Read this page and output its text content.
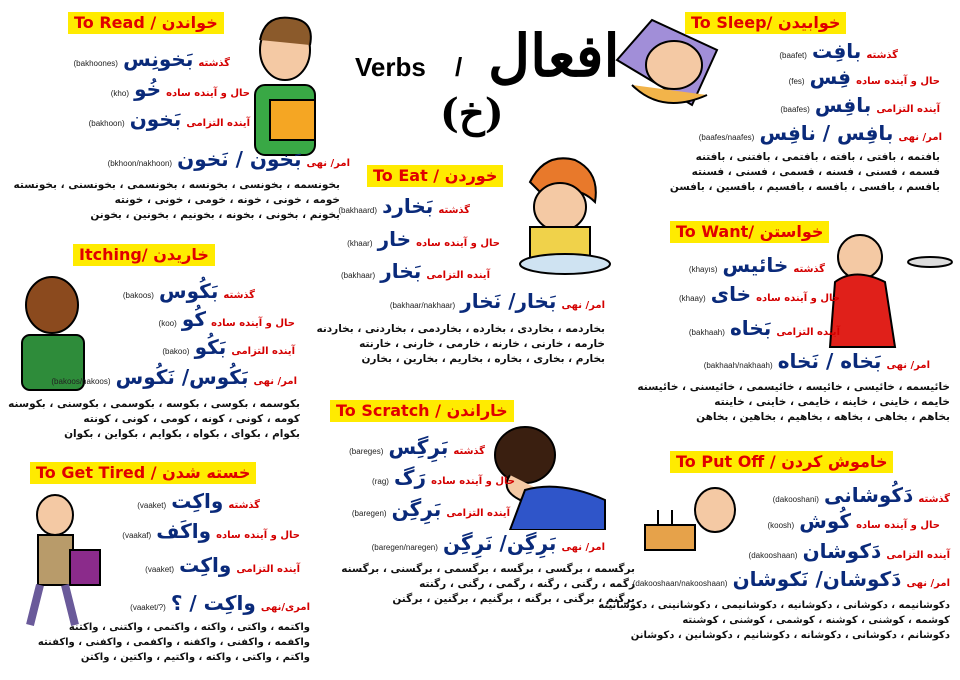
Verbs / افعال
(خ)
To Read / خواندن
(bakhoones) بَخونِس گذشته
(kho) خُو حال و آینده ساده
(bakhoon) بَخون آینده التزامی
(bkhoon/nakhoon) بَخون / نَخون امر/ نهی
بخونسمه ، بخونسی ، بخونسه ، بخونسمی ، بخونسنی ، بخونسته
خومه ، خونی ، خونه ، خومی ، خونی ، خونته
بخونم ، بخونی ، بخونه ، بخونیم ، بخونین ، بخونن
To Eat / خوردن
(bakhaard) بَخارد گذشته
(khaar) خار حال و آینده ساده
(bakhaar) بَخار آینده التزامی
(bakhaar/nakhaar) بَخار/ نَخار امر/ نهی
بخاردمه ، بخاردی ، بخارده ، بخاردمی ، بخاردنی ، بخاردنه
خارمه ، خارنی ، خارنه ، خارمی ، خارنی ، خارنته
بخارم ، بخاری ، بخاره ، بخاریم ، بخارین ، بخارن
To Sleep/ خوابیدن
(baafet) بافِت گذشته
(fes) فِس حال و آینده ساده
(baafes) بافِس آینده التزامی
(baafes/naafes) بافِس / نافِس امر/ نهی
بافتمه ، بافتی ، بافته ، بافتمی ، بافتنی ، بافتنه
فسمه ، فسنی ، فسنه ، فسمی ، فسنی ، فسنته
بافسم ، بافسی ، بافسه ، بافسیم ، بافسین ، بافسن
Itching/ خاریدن
(bakoos) بَکُوس گذشته
(koo) کُو حال و آینده ساده
(bakoo) بَکُو آینده التزامی
(bakoos/nakoos) بَکُوس/ نَکُوس امر/ نهی
بکوسمه ، بکوسی ، بکوسه ، بکوسمی ، بکوسنی ، بکوسنه
کومه ، کونی ، کونه ، کومی ، کونی ، کونته
بکوام ، بکوای ، بکواه ، بکوایم ، بکواین ، بکوان
To Want/ خواستن
(khayıs) خائیس گذشته
(khaay) خای حال و آینده ساده
(bakhaah) بَخاه آینده التزامی
(bakhaah/nakhaah) بَخاه / نَخاه امر/ نهی
خائیسمه ، خائیسی ، خائیسه ، خائیسمی ، خائیسنی ، خائیسنه
خایمه ، خاینی ، خاینه ، خایمی ، خاینی ، خاینته
بخاهم ، بخاهی ، بخاهه ، بخاهیم ، بخاهین ، بخاهن
To Scratch / خاراندن
(bareges) بَرِگِس گذشته
(rag) رَگ حال و آینده ساده
(baregen) بَرِگِن آینده التزامی
(baregen/naregen) بَرِگِن/ نَرِگِن امر/ نهی
برگسمه ، برگسی ، برگسه ، برگسمی ، برگسنی ، برگسنه
رگمه ، رگنی ، رگنه ، رگمی ، رگنی ، رگنته
برگنم ، برگنی ، برگنه ، برگنیم ، برگنین ، برگنن
To Get Tired / خسته شدن
(vaaket) واکِت گذشته
(vaakaf) واکَف حال و آینده ساده
(vaaket) واکِت آینده التزامی
(vaaket/?) واکِت / ؟ امری/نهی
واکتمه ، واکتی ، واکته ، واکتمی ، واکتنی ، واکتنه
واکفمه ، واکفنی ، واکفنه ، واکفمی ، واکفنی ، واکفنته
واکتم ، واکتی ، واکته ، واکتیم ، واکتین ، واکتن
To Put Off / خاموش کردن
(dakooshani) دَکُوشانی گذشته
(koosh) کُوش حال و آینده ساده
(dakooshaan) دَکوشان آینده التزامی
(dakooshaan/nakooshaan) دَکوشان/ نَکوشان امر/ نهی
دکوشانیمه ، دکوشانی ، دکوشانیه ، دکوشانیمی ، دکوشانینی ، دکوشانینه
کوشمه ، کوشنی ، کوشنه ، کوشمی ، کوشنی ، کوشنته
دکوشانم ، دکوشانی ، دکوشانه ، دکوشانیم ، دکوشانین ، دکوشانن
